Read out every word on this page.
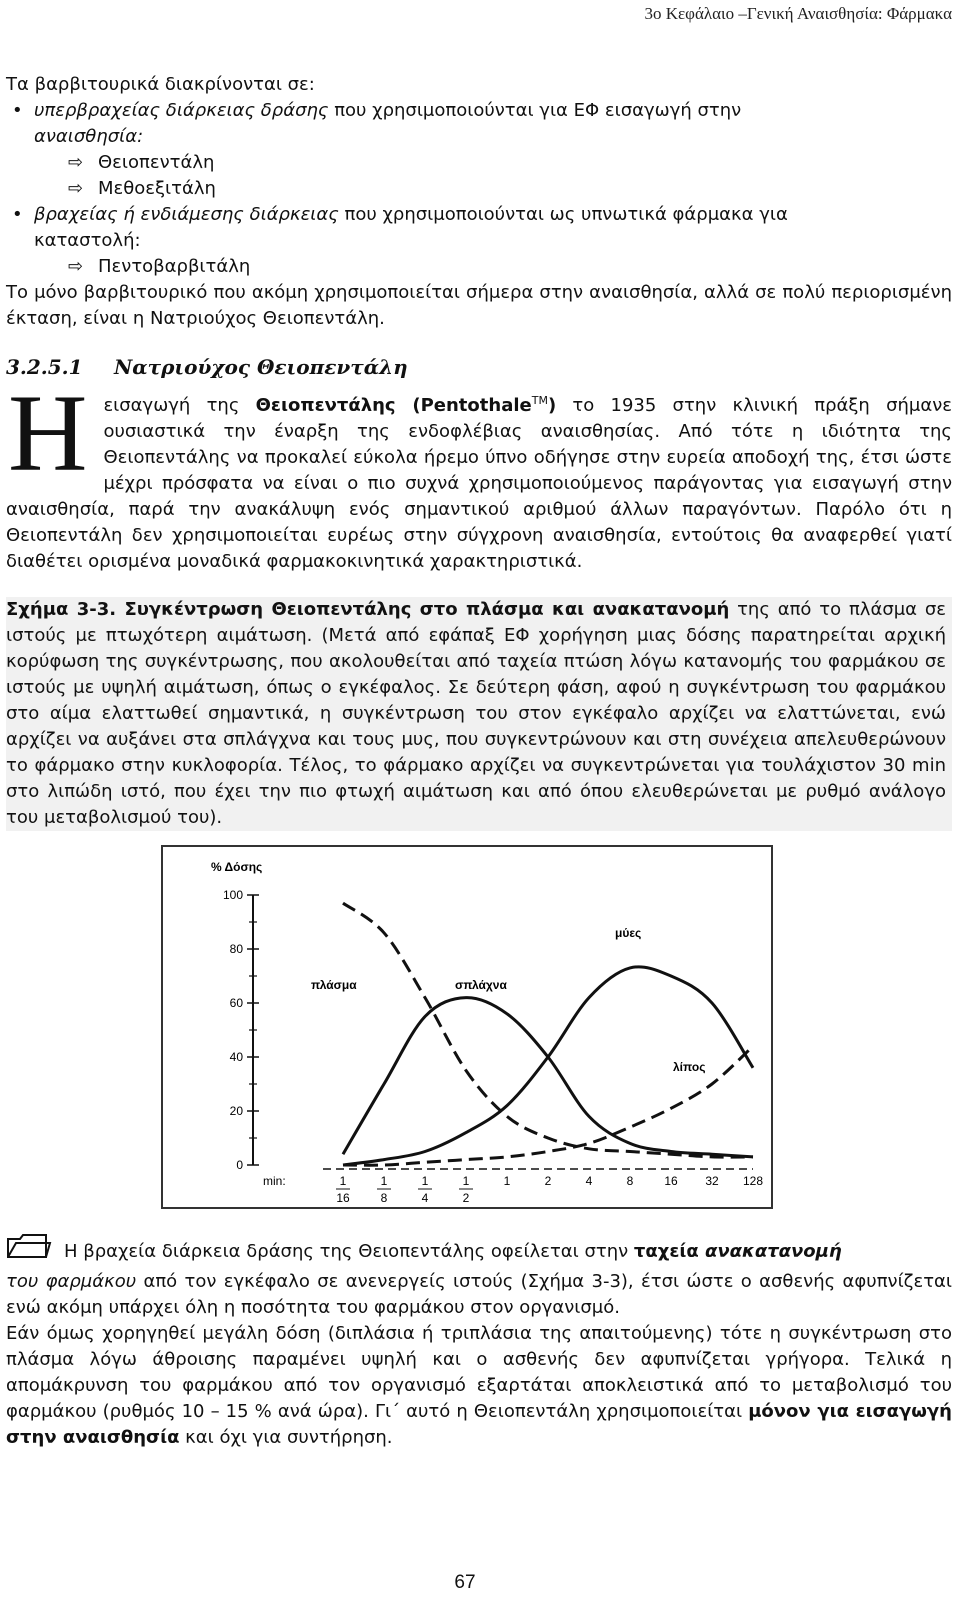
3ο Κεφάλαιο –Γενική Αναισθησία: Φάρμακα

Τα βαρβιτουρικά διακρίνονται σε:

• υπερβραχείας διάρκειας δράσης που χρησιμοποιούνται για ΕΦ εισαγωγή στην
αναισθησία:
⇨ Θειοπεντάλη
⇨ Μεθοεξιτάλη
• βραχείας ή ενδιάμεσης διάρκειας που χρησιμοποιούνται ως υπνωτικά φάρμακα για
καταστολή:
⇨ Πεντοβαρβιτάλη

Το μόνο βαρβιτουρικό που ακόμη χρησιμοποιείται σήμερα στην αναισθησία, αλλά σε πολύ περιορισμένη έκταση, είναι η Νατριούχος Θειοπεντάλη.

3.2.5.1 Νατριούχος Θειοπεντάλη
Η εισαγωγή της Θειοπεντάλης (Pentothale™) το 1935 στην κλινική πράξη σήμανε ουσιαστικά την έναρξη της ενδοφλέβιας αναισθησίας. Από τότε η ιδιότητα της Θειοπεντάλης να προκαλεί εύκολα ήρεμο ύπνο οδήγησε στην ευρεία αποδοχή της, έτσι ώστε μέχρι πρόσφατα να είναι ο πιο συχνά χρησιμοποιούμενος παράγοντας για εισαγωγή στην αναισθησία, παρά την ανακάλυψη ενός σημαντικού αριθμού άλλων παραγόντων. Παρόλο ότι η Θειοπεντάλη δεν χρησιμοποιείται ευρέως στην σύγχρονη αναισθησία, εντούτοις θα αναφερθεί γιατί διαθέτει ορισμένα μοναδικά φαρμακοκινητικά χαρακτηριστικά.

Σχήμα 3-3. Συγκέντρωση Θειοπεντάλης στο πλάσμα και ανακατανομή της από το πλάσμα σε ιστούς με πτωχότερη αιμάτωση. (Μετά από εφάπαξ ΕΦ χορήγηση μιας δόσης παρατηρείται αρχική κορύφωση της συγκέντρωσης, που ακολουθείται από ταχεία πτώση λόγω κατανομής του φαρμάκου σε ιστούς με υψηλή αιμάτωση, όπως ο εγκέφαλος. Σε δεύτερη φάση, αφού η συγκέντρωση του φαρμάκου στο αίμα ελαττωθεί σημαντικά, η συγκέντρωση του στον εγκέφαλο αρχίζει να ελαττώνεται, ενώ αρχίζει να αυξάνει στα σπλάγχνα και τους μυς, που συγκεντρώνουν και στη συνέχεια απελευθερώνουν το φάρμακο στην κυκλοφορία. Τέλος, το φάρμακο αρχίζει να συγκεντρώνεται για τουλάχιστον 30 min στο λιπώδη ιστό, που έχει την πιο φτωχή αιμάτωση και από όπου ελευθερώνεται με ρυθμό ανάλογο του μεταβολισμού του).

% Δόσης
100
80
60
40
20
0
min:	1
16
1
8
1
4
1
2
1	2	4	8	16 32 128
πλάσμα	σπλάχνα
μύες
λίπος

Η βραχεία διάρκεια δράσης της Θειοπεντάλης οφείλεται στην ταχεία ανακατανομή
του φαρμάκου από τον εγκέφαλο σε ανενεργείς ιστούς (Σχήμα 3-3), έτσι ώστε ο ασθενής αφυπνίζεται ενώ ακόμη υπάρχει όλη η ποσότητα του φαρμάκου στον οργανισμό.

Εάν όμως χορηγηθεί μεγάλη δόση (διπλάσια ή τριπλάσια της απαιτούμενης) τότε η συγκέντρωση στο πλάσμα λόγω άθροισης παραμένει υψηλή και ο ασθενής δεν αφυπνίζεται γρήγορα. Τελικά η απομάκρυνση του φαρμάκου από τον οργανισμό εξαρτάται αποκλειστικά από το μεταβολισμό του φαρμάκου (ρυθμός 10 – 15 % ανά ώρα). Γι΄ αυτό η Θειοπεντάλη χρησιμοποιείται μόνον για εισαγωγή στην αναισθησία και όχι για συντήρηση.

67
